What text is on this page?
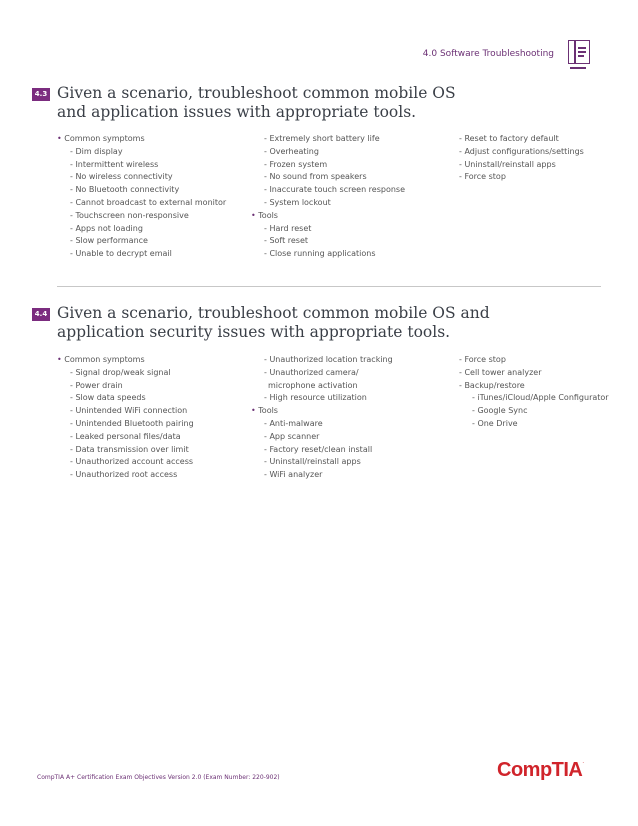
4.0 Software Troubleshooting
4.3 Given a scenario, troubleshoot common mobile OS
and application issues with appropriate tools.
• Common symptoms
- Dim display
- Intermittent wireless
- No wireless connectivity
- No Bluetooth connectivity
- Cannot broadcast to external monitor
- Touchscreen non-responsive
- Apps not loading
- Slow performance
- Unable to decrypt email
- Extremely short battery life
- Overheating
- Frozen system
- No sound from speakers
- Inaccurate touch screen response
- System lockout
• Tools
- Hard reset
- Soft reset
- Close running applications
- Reset to factory default
- Adjust configurations/settings
- Uninstall/reinstall apps
- Force stop
4.4 Given a scenario, troubleshoot common mobile OS and
application security issues with appropriate tools.
• Common symptoms
- Signal drop/weak signal
- Power drain
- Slow data speeds
- Unintended WiFi connection
- Unintended Bluetooth pairing
- Leaked personal files/data
- Data transmission over limit
- Unauthorized account access
- Unauthorized root access
- Unauthorized location tracking
- Unauthorized camera/
microphone activation
- High resource utilization
• Tools
- Anti-malware
- App scanner
- Factory reset/clean install
- Uninstall/reinstall apps
- WiFi analyzer
- Force stop
- Cell tower analyzer
- Backup/restore
- iTunes/iCloud/Apple Configurator
- Google Sync
- One Drive
CompTIA A+ Certification Exam Objectives Version 2.0 (Exam Number: 220-902)	CompTIA.
